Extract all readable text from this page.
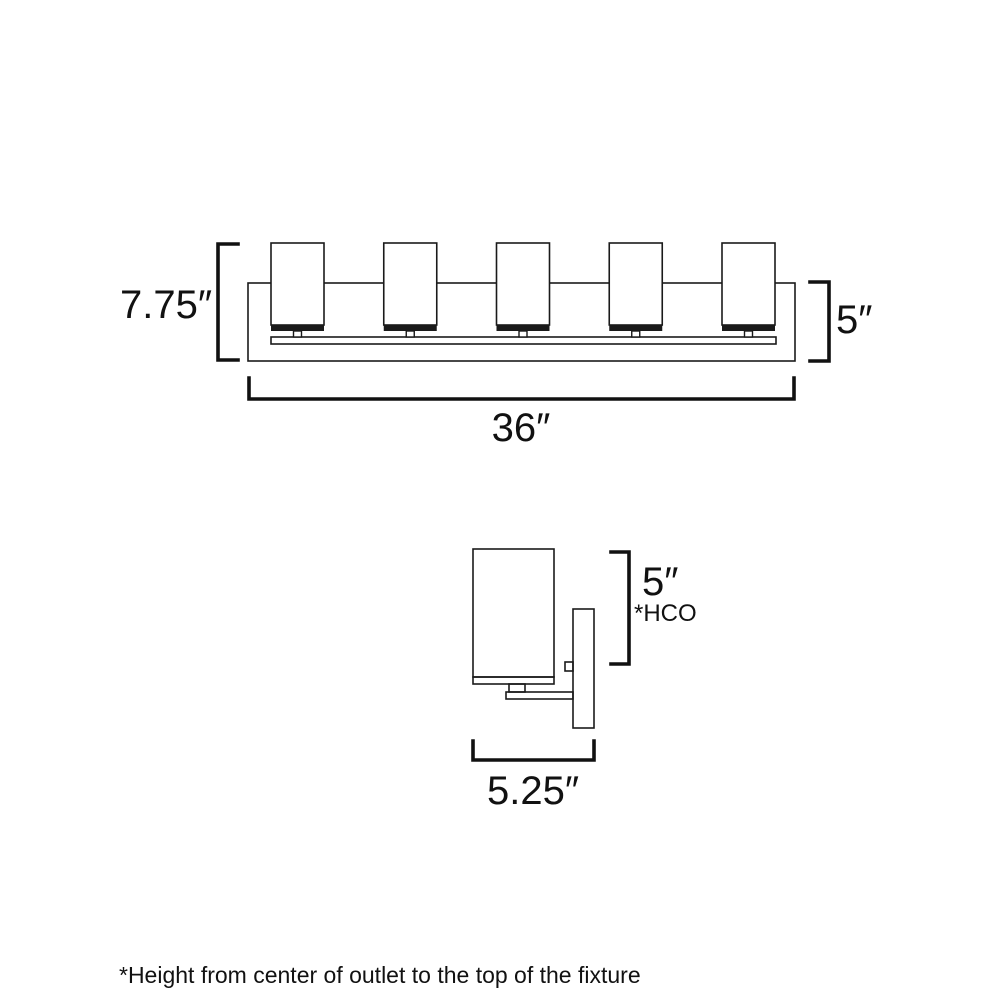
7.75″	5″
36″
5″
*HCO
5.25″
*Height from center of outlet to the top of the fixture
